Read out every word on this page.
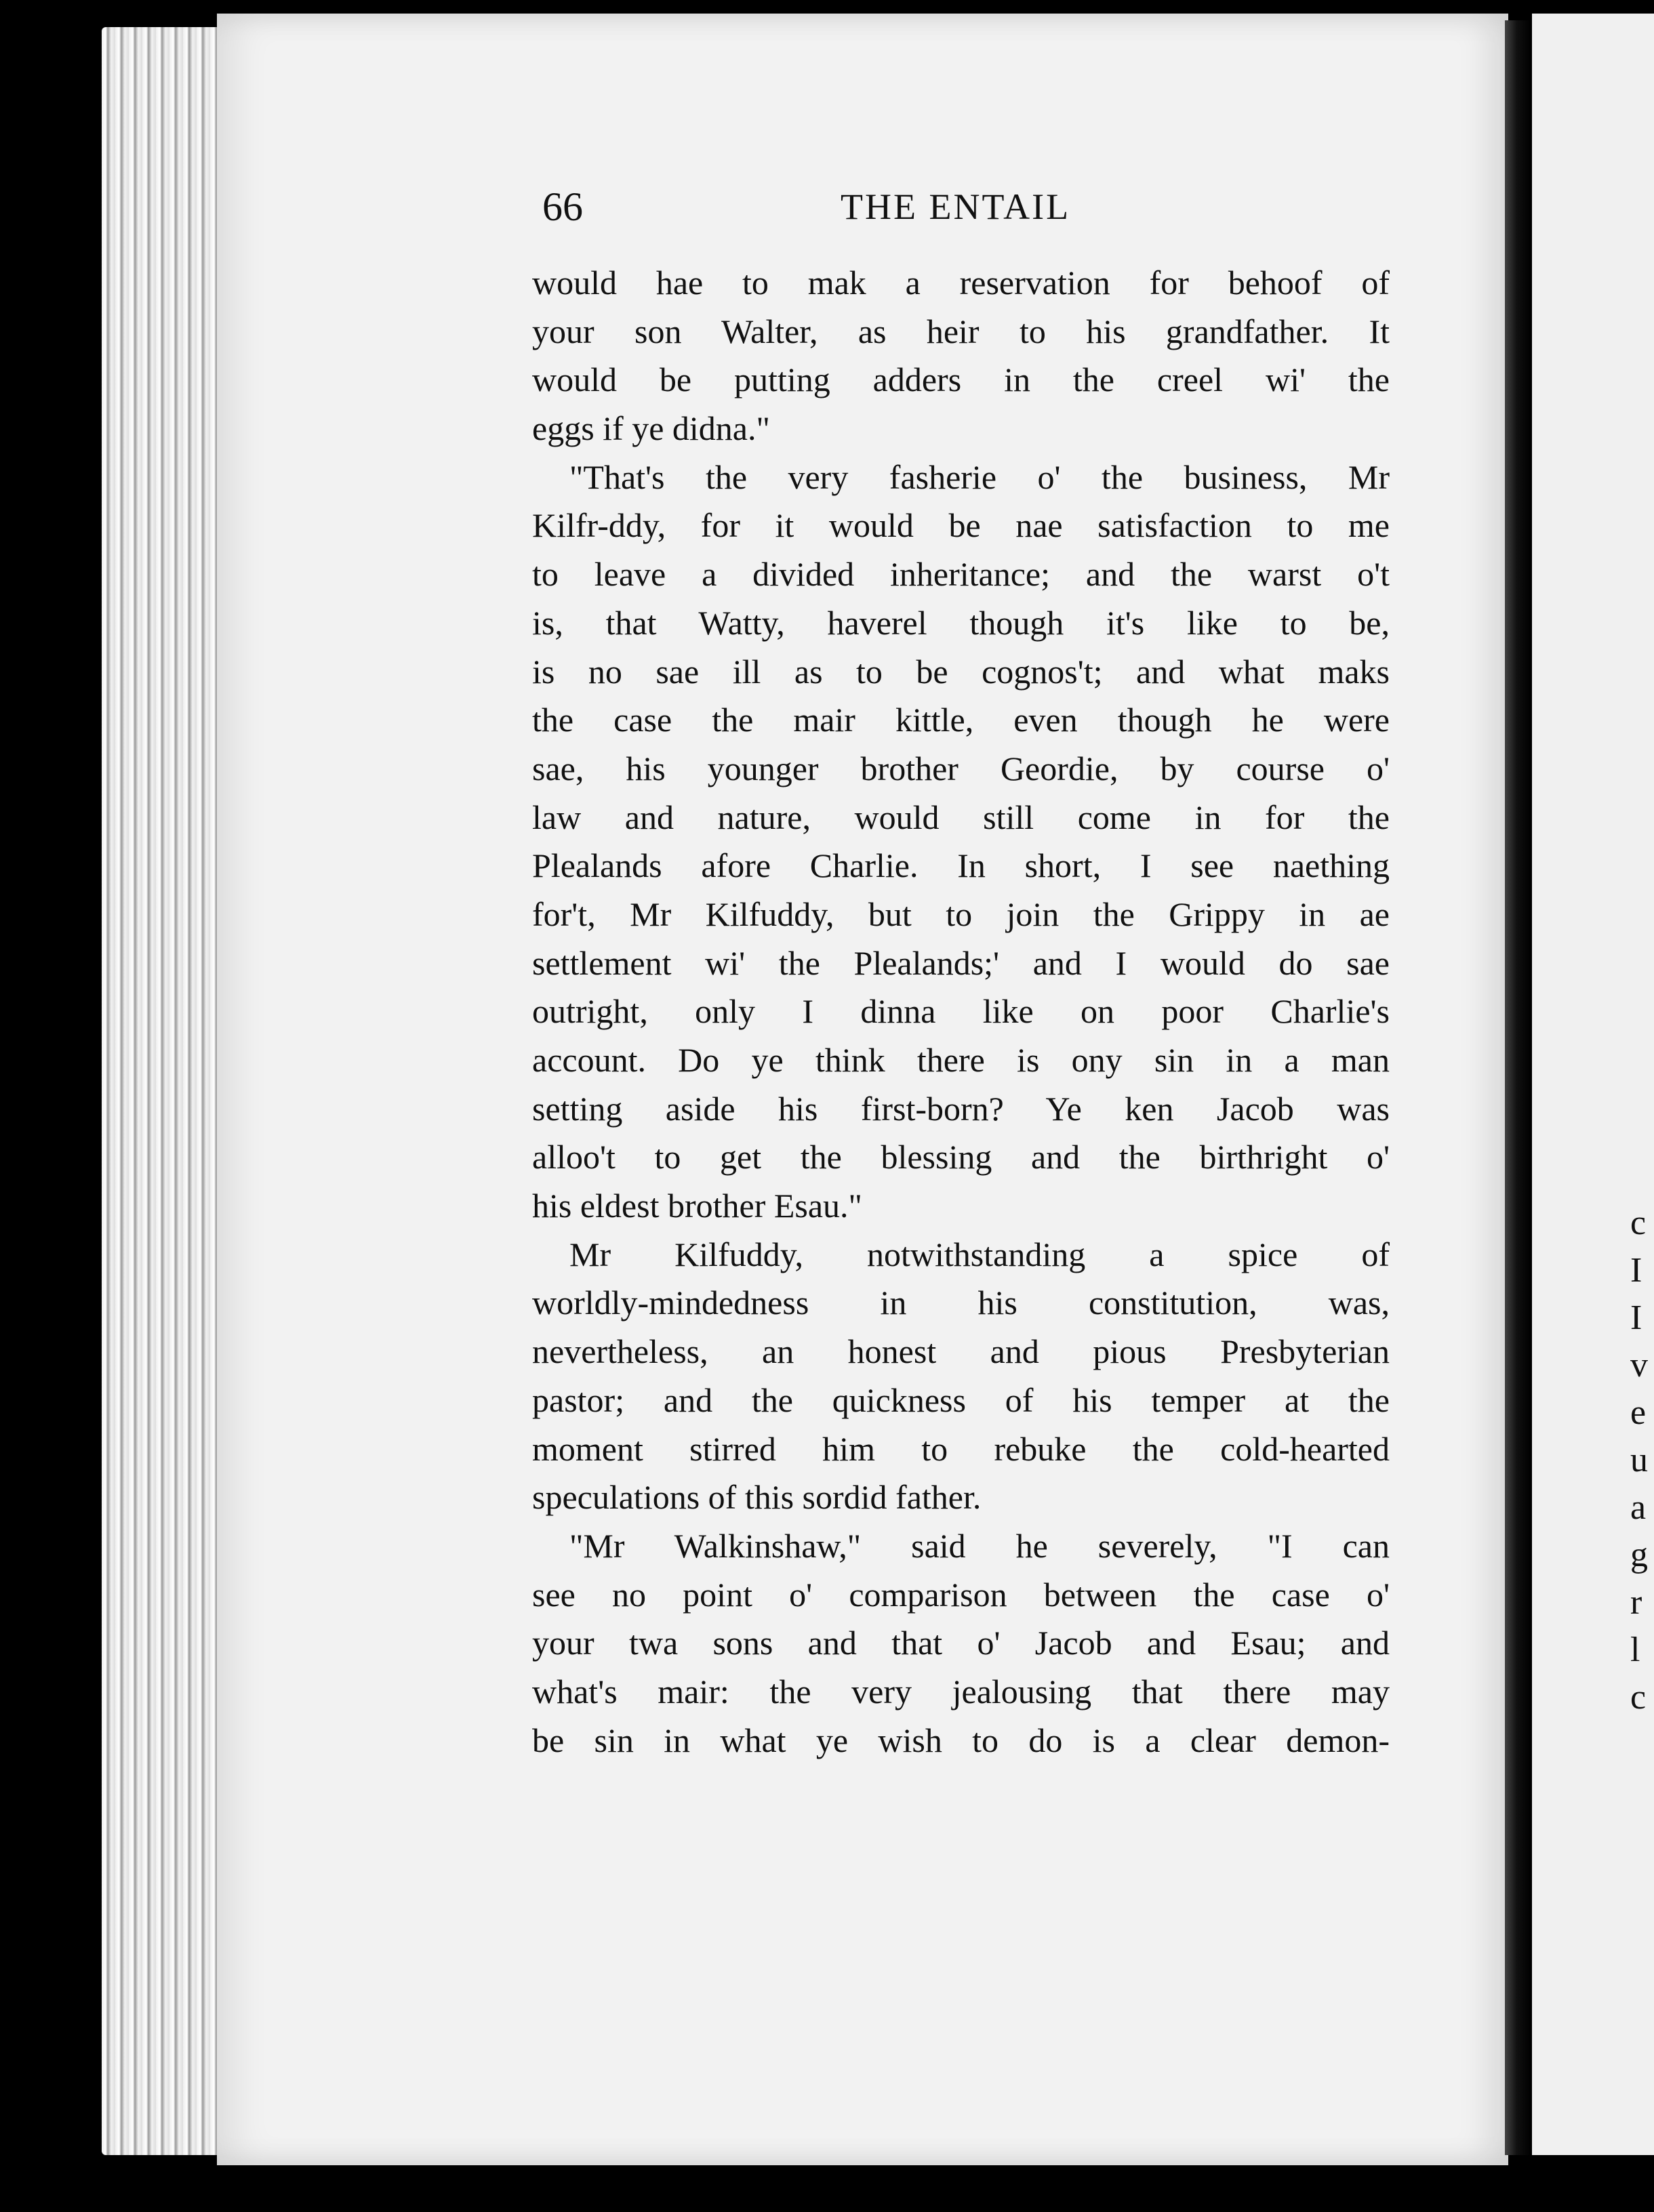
c
I
I
v
e
u
a
g
r
l
c
66	THE ENTAIL
would hae to mak a reservation for behoof of
your son Walter, as heir to his grandfather. It
would be putting adders in the creel wi' the
eggs if ye didna."
"That's the very fasherie o' the business, Mr
Kilfr-ddy, for it would be nae satisfaction to me
to leave a divided inheritance; and the warst o't
is, that Watty, haverel though it's like to be,
is no sae ill as to be cognos't; and what maks
the case the mair kittle, even though he were
sae, his younger brother Geordie, by course o'
law and nature, would still come in for the
Plealands afore Charlie. In short, I see naething
for't, Mr Kilfuddy, but to join the Grippy in ae
settlement wi' the Plealands;' and I would do sae
outright, only I dinna like on poor Charlie's
account. Do ye think there is ony sin in a man
setting aside his first-born? Ye ken Jacob was
alloo't to get the blessing and the birthright o'
his eldest brother Esau."
Mr Kilfuddy, notwithstanding a spice of
worldly-mindedness in his constitution, was,
nevertheless, an honest and pious Presbyterian
pastor; and the quickness of his temper at the
moment stirred him to rebuke the cold-hearted
speculations of this sordid father.
"Mr Walkinshaw," said he severely, "I can
see no point o' comparison between the case o'
your twa sons and that o' Jacob and Esau; and
what's mair: the very jealousing that there may
be sin in what ye wish to do is a clear demon-
